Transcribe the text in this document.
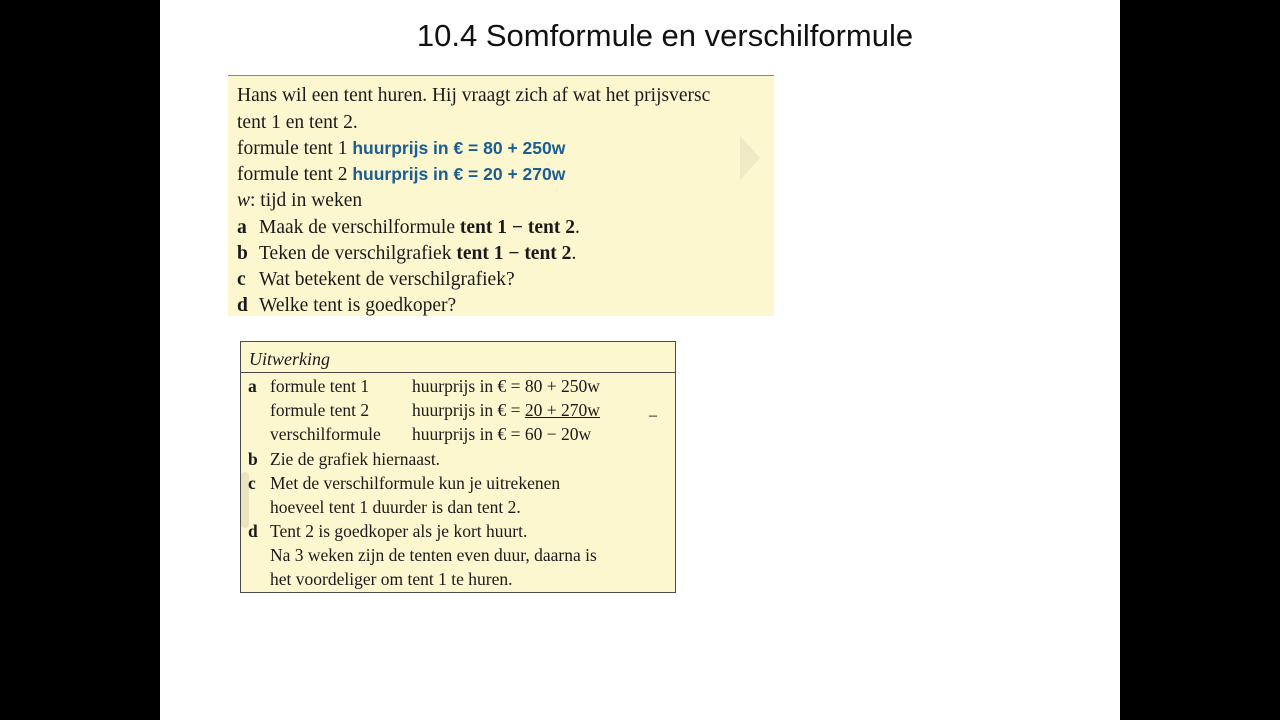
10.4 Somformule en verschilformule
Hans wil een tent huren. Hij vraagt zich af wat het prijsversc
tent 1 en tent 2.
formule tent 1 huurprijs in € = 80 + 250w
formule tent 2 huurprijs in € = 20 + 270w
w: tijd in weken
a Maak de verschilformule tent 1 − tent 2.
b Teken de verschilgrafiek tent 1 − tent 2.
c Wat betekent de verschilgrafiek?
d Welke tent is goedkoper?
Uitwerking
a formule tent 1 huurprijs in € = 80 + 250w
formule tent 2 huurprijs in € = 20 + 270w	−
verschilformule huurprijs in € = 60 − 20w
b Zie de grafiek hiernaast.
c Met de verschilformule kun je uitrekenen
hoeveel tent 1 duurder is dan tent 2.
d Tent 2 is goedkoper als je kort huurt.
Na 3 weken zijn de tenten even duur, daarna is
het voordeliger om tent 1 te huren.
